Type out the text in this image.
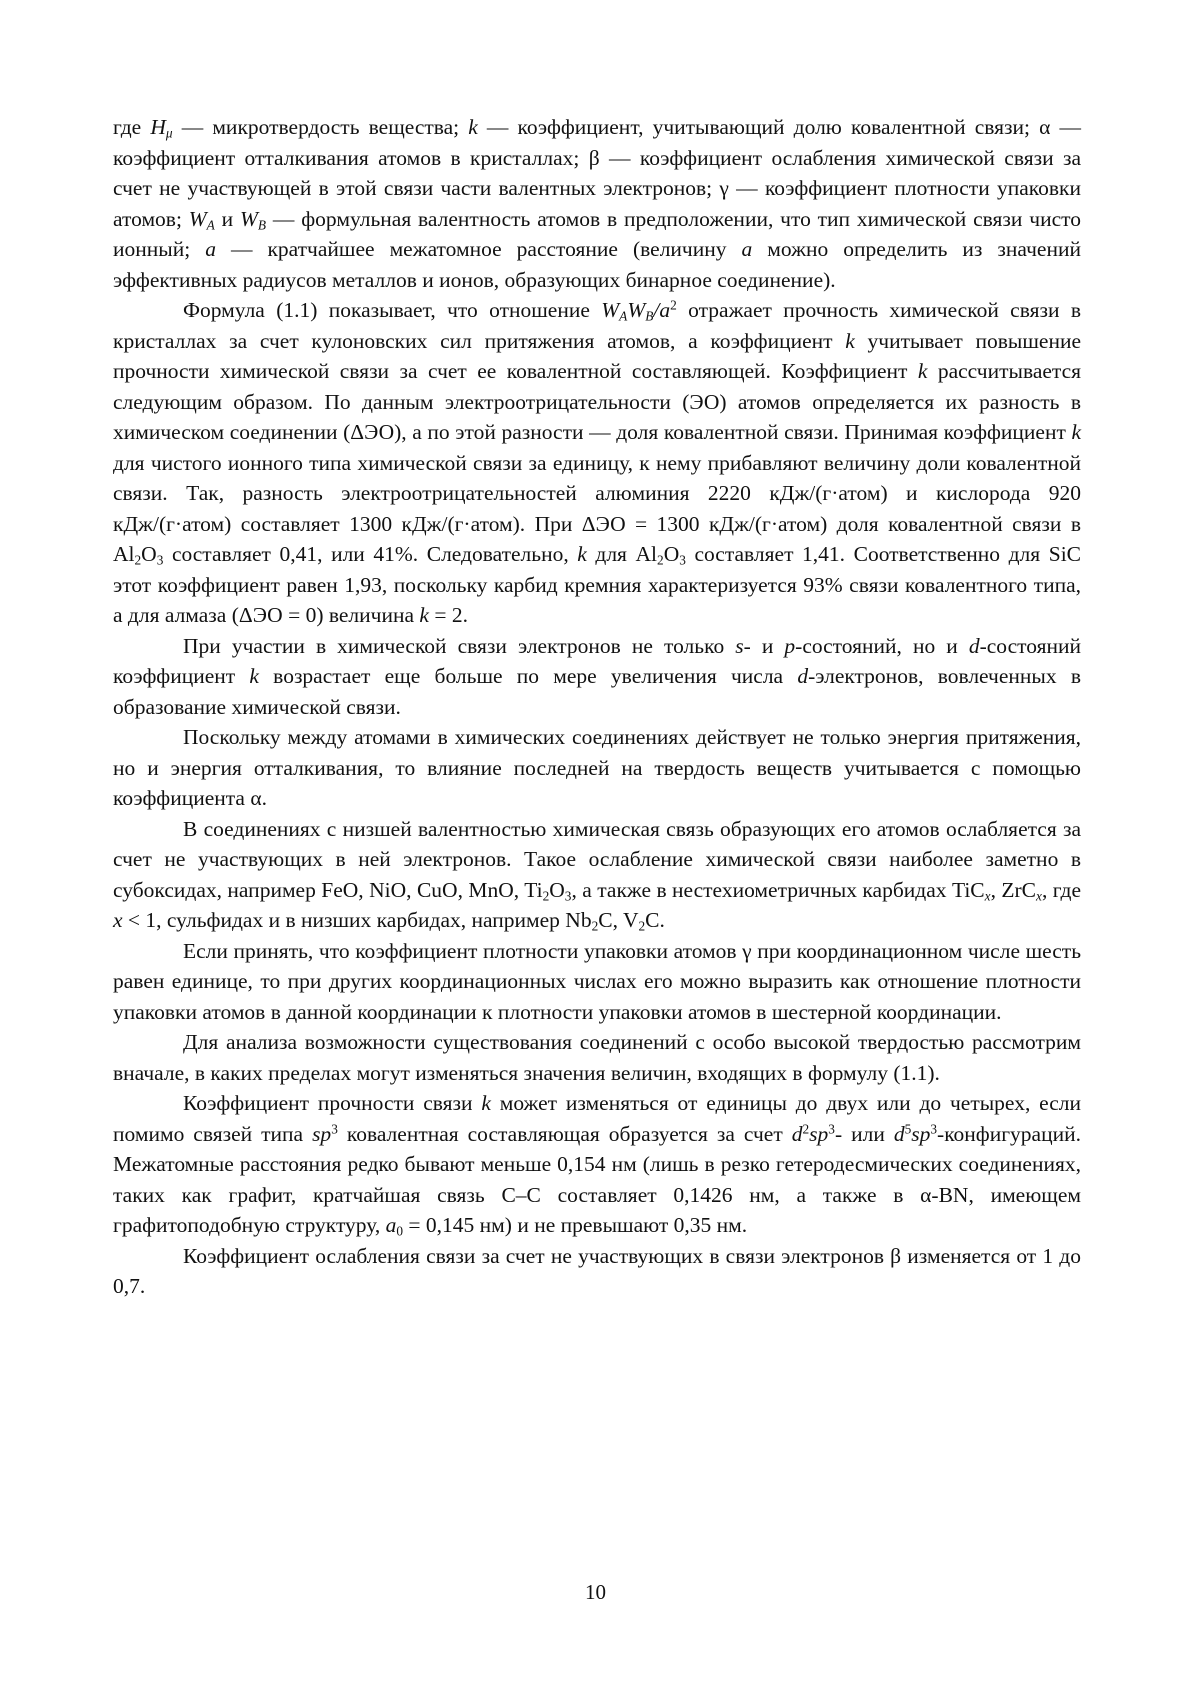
где $H_\mu$ — микротвердость вещества; k — коэффициент, учитывающий долю ковалентной связи; α — коэффициент отталкивания атомов в кристаллах; β — коэффициент ослабления химической связи за счет не участвующей в этой связи части валентных электронов; γ — коэффициент плотности упаковки атомов; $W_A$ и $W_B$ — формульная валентность атомов в предположении, что тип химической связи чисто ионный; a — кратчайшее межатомное расстояние (величину a можно определить из значений эффективных радиусов металлов и ионов, образующих бинарное соединение).

Формула (1.1) показывает, что отношение $W_AW_B/a^2$ отражает прочность химической связи в кристаллах за счет кулоновских сил притяжения атомов, а коэффициент k учитывает повышение прочности химической связи за счет ее ковалентной составляющей. Коэффициент k рассчитывается следующим образом. По данным электроотрицательности (ЭО) атомов определяется их разность в химическом соединении (ΔЭО), а по этой разности — доля ковалентной связи. Принимая коэффициент k для чистого ионного типа химической связи за единицу, к нему прибавляют величину доли ковалентной связи. Так, разность электроотрицательностей алюминия 2220 кДж/(г·атом) и кислорода 920 кДж/(г·атом) составляет 1300 кДж/(г·атом). При ΔЭО = 1300 кДж/(г·атом) доля ковалентной связи в $Al_2O_3$ составляет 0,41, или 41%. Следовательно, k для $Al_2O_3$ составляет 1,41. Соответственно для SiC этот коэффициент равен 1,93, поскольку карбид кремния характеризуется 93% связи ковалентного типа, а для алмаза (ΔЭО = 0) величина k = 2.

При участии в химической связи электронов не только s- и p-состояний, но и d-состояний коэффициент k возрастает еще больше по мере увеличения числа d-электронов, вовлеченных в образование химической связи.

Поскольку между атомами в химических соединениях действует не только энергия притяжения, но и энергия отталкивания, то влияние последней на твердость веществ учитывается с помощью коэффициента α.

В соединениях с низшей валентностью химическая связь образующих его атомов ослабляется за счет не участвующих в ней электронов. Такое ослабление химической связи наиболее заметно в субоксидах, например FeO, NiO, CuO, MnO, $Ti_2O_3$, а также в нестехиометричных карбидах TiC$_x$, ZrC$_x$, где x < 1, сульфидах и в низших карбидах, например $Nb_2C$, $V_2C$.

Если принять, что коэффициент плотности упаковки атомов γ при координационном числе шесть равен единице, то при других координационных числах его можно выразить как отношение плотности упаковки атомов в данной координации к плотности упаковки атомов в шестерной координации.

Для анализа возможности существования соединений с особо высокой твердостью рассмотрим вначале, в каких пределах могут изменяться значения величин, входящих в формулу (1.1).

Коэффициент прочности связи k может изменяться от единицы до двух или до четырех, если помимо связей типа $sp^3$ ковалентная составляющая образуется за счет $d^2sp^3-$ или $d^5sp^3$-конфигураций. Межатомные расстояния редко бывают меньше 0,154 нм (лишь в резко гетеродесмических соединениях, таких как графит, кратчайшая связь C–C составляет 0,1426 нм, а также в α-BN, имеющем графитоподобную структуру, $a_0 = 0,145$ нм) и не превышают 0,35 нм.

Коэффициент ослабления связи за счет не участвующих в связи электронов β изменяется от 1 до 0,7.

10
